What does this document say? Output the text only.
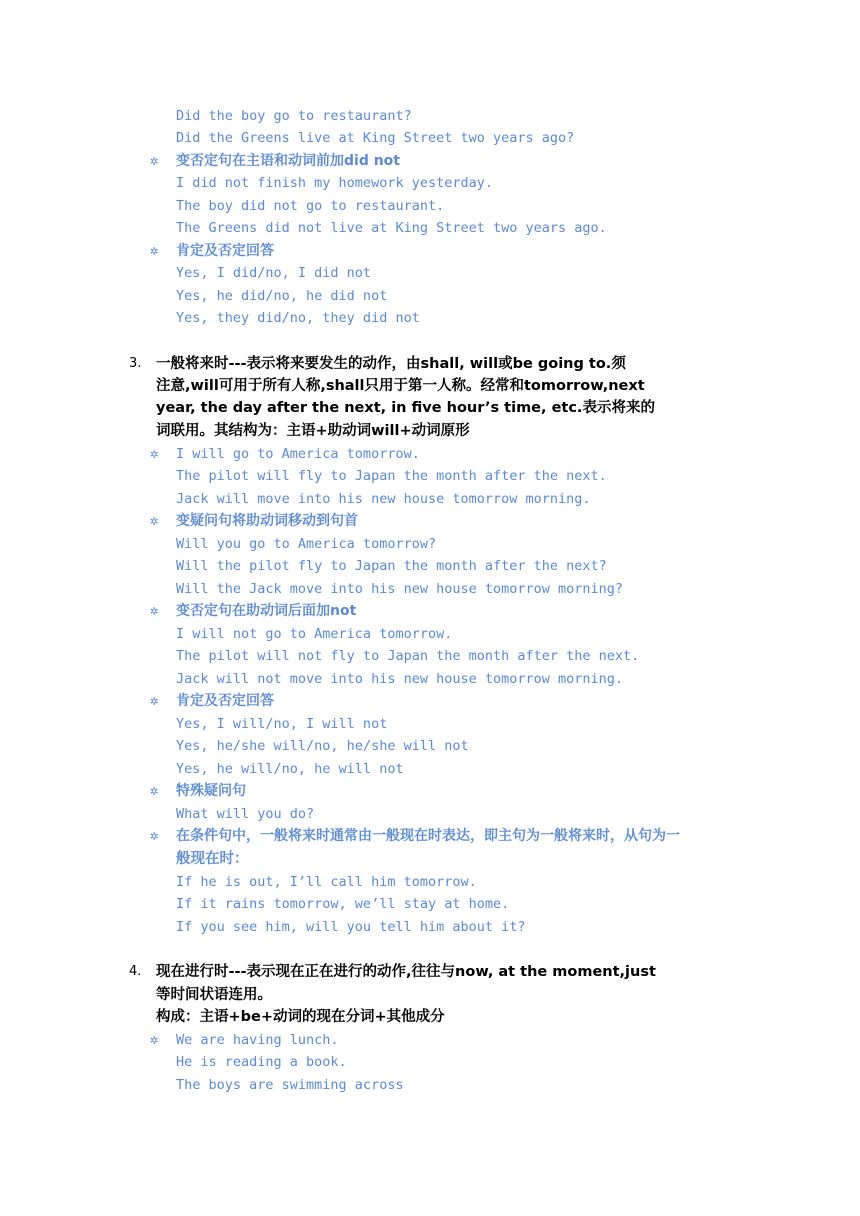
Did the boy go to restaurant?
Did the Greens live at King Street two years ago?
✲ 变否定句在主语和动词前加did not
I did not finish my homework yesterday.
The boy did not go to restaurant.
The Greens did not live at King Street two years ago.
✲ 肯定及否定回答
Yes, I did/no, I did not
Yes, he did/no, he did not
Yes, they did/no, they did not
3. 一般将来时---表示将来要发生的动作，由shall, will或be going to.须
注意,will可用于所有人称,shall只用于第一人称。经常和tomorrow,next
year, the day after the next, in five hour’s time, etc.表示将来的
词联用。其结构为：主语+助动词will+动词原形
✲ I will go to America tomorrow.
The pilot will fly to Japan the month after the next.
Jack will move into his new house tomorrow morning.
✲ 变疑问句将助动词移动到句首
Will you go to America tomorrow?
Will the pilot fly to Japan the month after the next?
Will the Jack move into his new house tomorrow morning?
✲ 变否定句在助动词后面加not
I will not go to America tomorrow.
The pilot will not fly to Japan the month after the next.
Jack will not move into his new house tomorrow morning.
✲ 肯定及否定回答
Yes, I will/no, I will not
Yes, he/she will/no, he/she will not
Yes, he will/no, he will not
✲ 特殊疑问句
What will you do?
✲ 在条件句中，一般将来时通常由一般现在时表达，即主句为一般将来时，从句为一
般现在时：
If he is out, I’ll call him tomorrow.
If it rains tomorrow, we’ll stay at home.
If you see him, will you tell him about it?
4. 现在进行时---表示现在正在进行的动作,往往与now, at the moment,just
等时间状语连用。
构成：主语+be+动词的现在分词+其他成分
✲ We are having lunch.
He is reading a book.
The boys are swimming across
